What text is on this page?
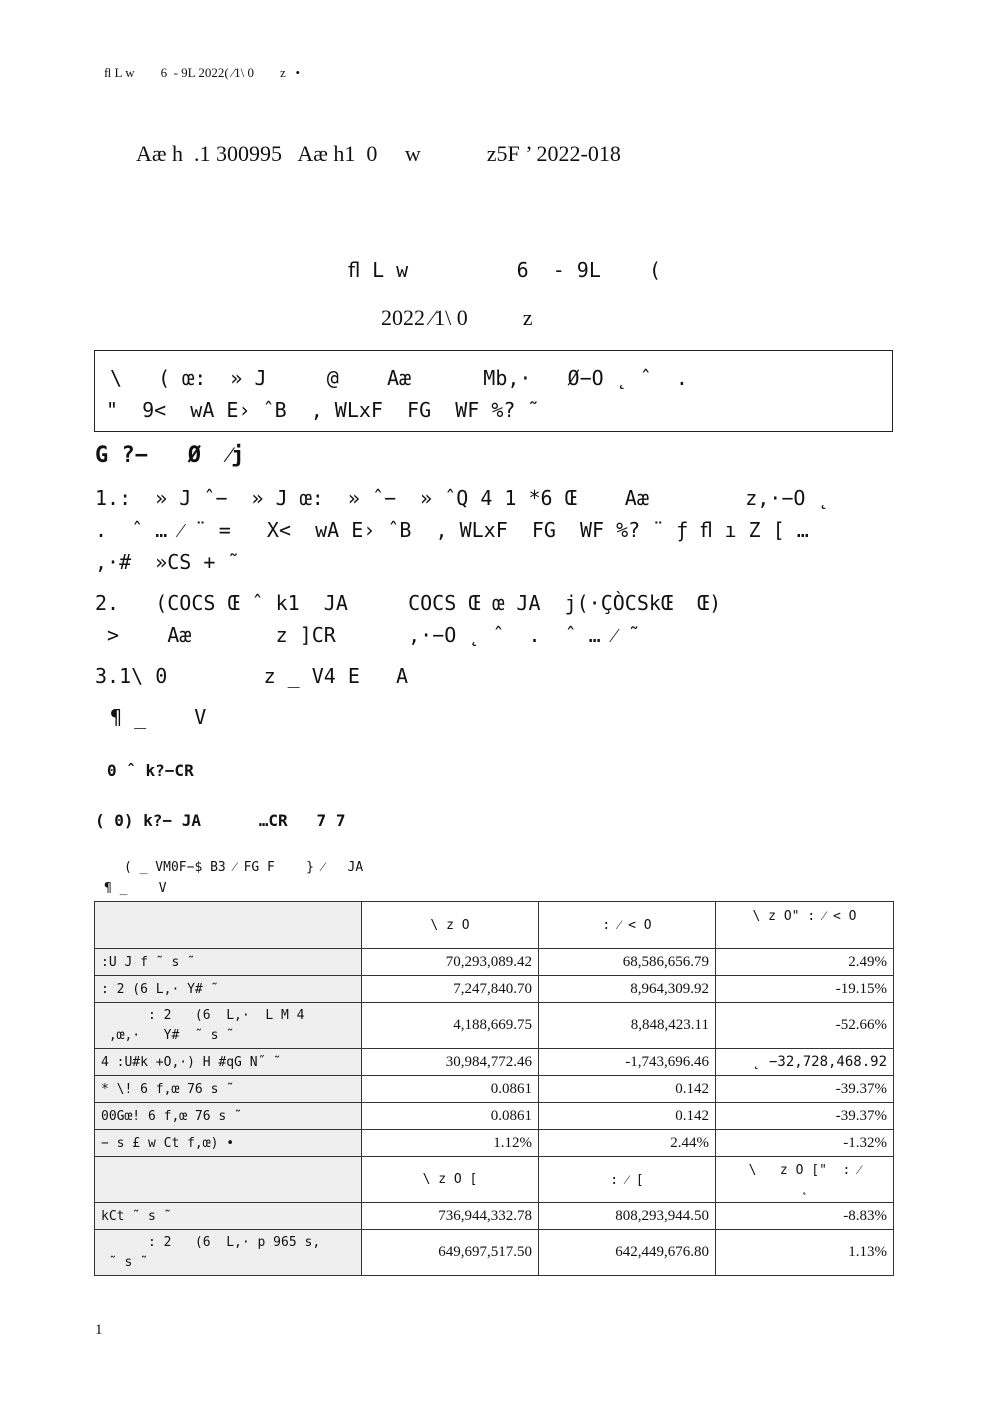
ﬂ L w        6  - 9L 2022( ⁄1\ 0        z   •
Aæ h  .1 300995   Aæ h1  0     w            z5F ’ 2022-018
ﬂ L w         6  - 9L    (
2022 ⁄1\ 0          z
\   ( œ:  » J     @    Aæ      Mb,·   Ø−O ˛ ˆ  .
"  9<  wA E› ˆB  , WLxF  FG  WF %? ˜
G ?−   Ø  ⁄j
1.:  » J ˆ−  » J œ:  » ˆ−  » ˆQ 4 1 *6 Œ    Aæ        z,·−O ˛
.  ˆ … ⁄ ¨ =   X<  wA E› ˆB  , WLxF  FG  WF %? ¨ ƒ ﬂ ı Z [ …
,·#  »CS + ˜
2.   (COCS Œ ˆ k1  JA     COCS Œ œ JA  j(·ÇÒCSkŒ  Œ)
>    Aæ       z ]CR      ,·−O ˛ ˆ  .  ˆ … ⁄ ˜
3.1\ 0        z _ V4 E   A
¶ _    V
0 ˆ k?−CR
( 0) k?− JA      …CR   7 7
( _ VM0F−$ B3 ⁄ FG F    } ⁄   JA
¶ _    V
	\ z O	: ⁄ < O	\ z O" : ⁄ < O
:U J f ˜ s ˜	70,293,089.42	68,586,656.79	2.49%
: 2 (6 L,· Y# ˜	7,247,840.70	8,964,309.92	-19.15%
: 2   (6  L,·  L M 4
,œ,·   Y#  ˜ s ˜	4,188,669.75	8,848,423.11	-52.66%
4 :U#k +O,·) H #qG N˝ ˜	30,984,772.46	-1,743,696.46	˛ −32,728,468.92
* \! 6 f,œ 76 s ˜	0.0861	0.142	-39.37%
00Gœ! 6 f,œ 76 s ˜	0.0861	0.142	-39.37%
− s £ w Ct f,œ) •	1.12%	2.44%	-1.32%
	\ z O [	: ⁄ [	\   z O ["  : ⁄
˛
kCt ˜ s ˜	736,944,332.78	808,293,944.50	-8.83%
: 2   (6  L,· p 965 s,
˜ s ˜	649,697,517.50	642,449,676.80	1.13%
1
